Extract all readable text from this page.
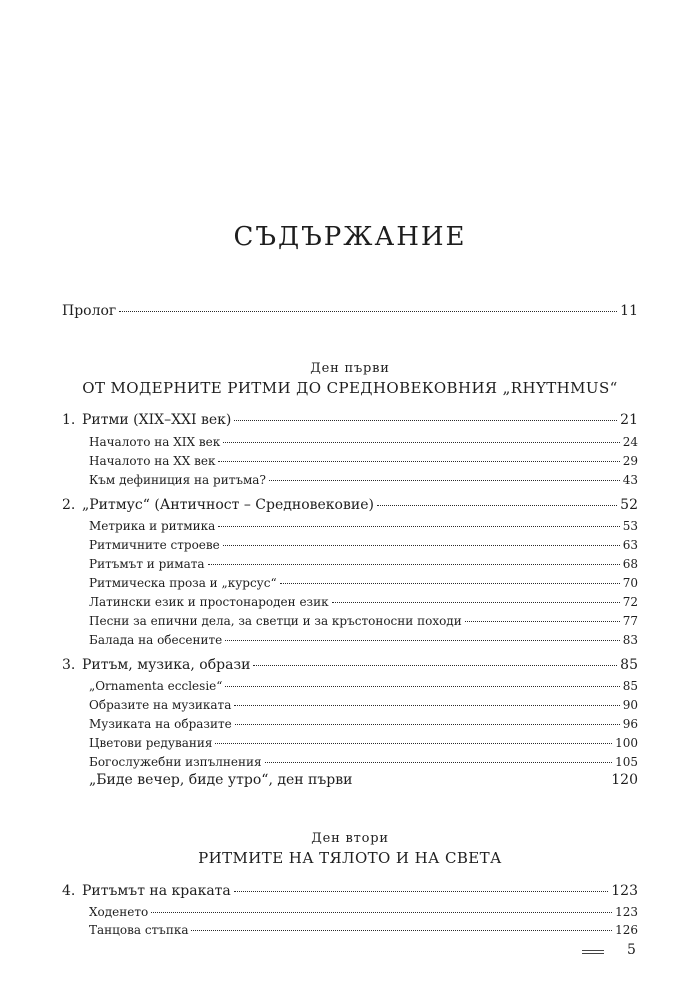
СЪДЪРЖАНИЕ
Пролог	11
Ден първи
ОТ МОДЕРНИТЕ РИТМИ ДО СРЕДНОВЕКОВНИЯ „RHYTHMUS“
1. Ритми (XIX–XXI век)	21
Началото на XIX век	24
Началото на XX век	29
Към дефиниция на ритъма?	43
2. „Ритмус“ (Античност – Средновековие)	52
Метрика и ритмика	53
Ритмичните строеве	63
Ритъмът и римата	68
Ритмическа проза и „курсус“	70
Латински език и простонароден език	72
Песни за епични дела, за светци и за кръстоносни походи	77
Балада на обесените	83
3. Ритъм, музика, образи	85
„Ornamenta ecclesie“	85
Образите на музиката	90
Музиката на образите	96
Цветови редувания	100
Богослужебни изпълнения	105
„Биде вечер, биде утро“, ден първи	120
Ден втори
РИТМИТЕ НА ТЯЛОТО И НА СВЕТА
4. Ритъмът на краката	123
Ходенето	123
Танцова стъпка	126
5
